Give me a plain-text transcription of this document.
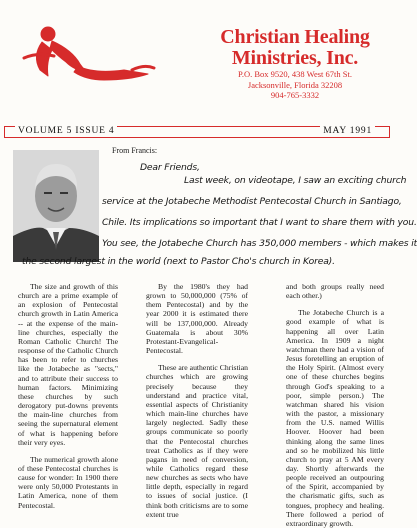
Christian Healing
Ministries, Inc.
P.O. Box 9520, 438 West 67th St.
Jacksonville, Florida 32208
904-765-3332
VOLUME 5 ISSUE 4	MAY 1991
From Francis:
Dear Friends,
Last week, on videotape, I saw an exciting church
service at the Jotabeche Methodist Pentecostal Church in Santiago,
Chile. Its implications so important that I want to share them with you.
You see, the Jotabeche Church has 350,000 members - which makes it
the second largest in the world (next to Pastor Cho's church in Korea).

The size and growth of this church are a prime example of an explosion of Pentecostal church growth in Latin America -- at the expense of the main-line churches, especially the Roman Catholic Church! The response of the Catholic Church has been to refer to churches like the Jotabeche as "sects," and to attribute their success to human factors. Minimizing these churches by such derogatory put-downs prevents the main-line churches from seeing the supernatural element of what is happening before their very eyes.

The numerical growth alone of these Pentecostal churches is cause for wonder: In 1900 there were only 50,000 Protestants in Latin America, none of them Pentecostal.

By the 1980's they had grown to 50,000,000 (75% of them Pentecostal) and by the year 2000 it is estimated there will be 137,000,000. Already Guatemala is about 30% Protestant-Evangelical-Pentecostal.

These are authentic Christian churches which are growing precisely because they understand and practice vital, essential aspects of Christianity which main-line churches have largely neglected. Sadly these groups communicate so poorly that the Pentecostal churches treat Catholics as if they were pagans in need of conversion, while Catholics regard these new churches as sects who have little depth, especially in regard to issues of social justice. (I think both criticisms are to some extent true

and both groups really need each other.)

The Jotabeche Church is a good example of what is happening all over Latin America. In 1909 a night watchman there had a vision of Jesus foretelling an eruption of the Holy Spirit. (Almost every one of these churches begins through God's speaking to a poor, simple person.) The watchman shared his vision with the pastor, a missionary from the U.S. named Willis Hoover. Hoover had been thinking along the same lines and so he mobilized his little church to pray at 5 AM every day. Shortly afterwards the people received an outpouring of the Spirit, accompanied by the charismatic gifts, such as tongues, prophecy and healing. There followed a period of extraordinary growth.
